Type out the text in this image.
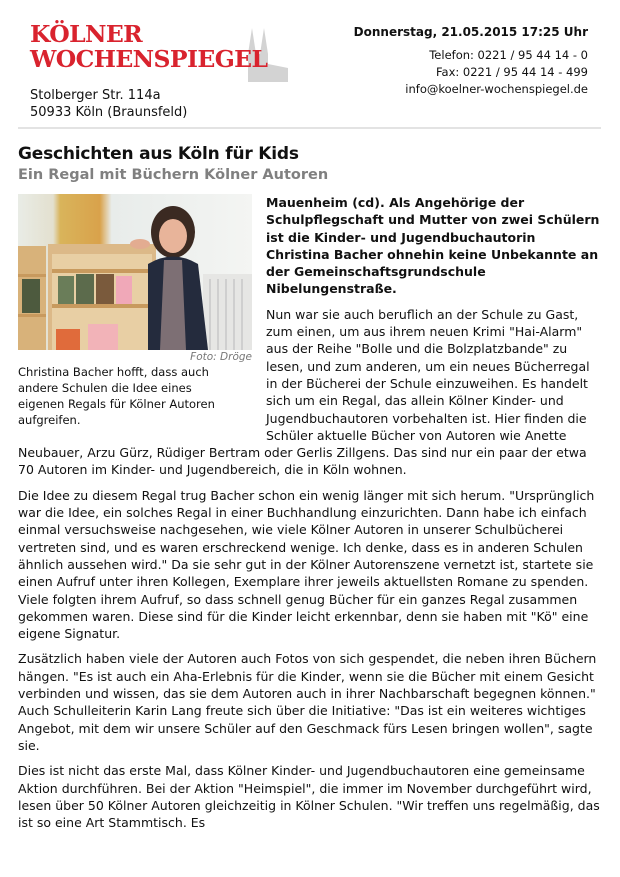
KÖLNER
WOCHENSPIEGEL
Stolberger Str. 114a
50933 Köln (Braunsfeld)
Donnerstag, 21.05.2015 17:25 Uhr
Telefon: 0221 / 95 44 14 - 0
Fax: 0221 / 95 44 14 - 499
info@koelner-wochenspiegel.de
Geschichten aus Köln für Kids
Ein Regal mit Büchern Kölner Autoren
Foto: Dröge
Christina Bacher hofft, dass auch andere Schulen die Idee eines eigenen Regals für Kölner Autoren aufgreifen.

Mauenheim (cd). Als Angehörige der Schulpflegschaft und Mutter von zwei Schülern ist die Kinder- und Jugendbuchautorin Christina Bacher ohnehin keine Unbekannte an der Gemeinschaftsgrundschule Nibelungenstraße.

Nun war sie auch beruflich an der Schule zu Gast, zum einen, um aus ihrem neuen Krimi "Hai-Alarm" aus der Reihe "Bolle und die Bolzplatzbande" zu lesen, und zum anderen, um ein neues Bücherregal in der Bücherei der Schule einzuweihen. Es handelt sich um ein Regal, das allein Kölner Kinder- und Jugendbuchautoren vorbehalten ist. Hier finden die Schüler aktuelle Bücher von Autoren wie Anette Neubauer, Arzu Gürz, Rüdiger Bertram oder Gerlis Zillgens. Das sind nur ein paar der etwa 70 Autoren im Kinder- und Jugendbereich, die in Köln wohnen.

Die Idee zu diesem Regal trug Bacher schon ein wenig länger mit sich herum. "Ursprünglich war die Idee, ein solches Regal in einer Buchhandlung einzurichten. Dann habe ich einfach einmal versuchsweise nachgesehen, wie viele Kölner Autoren in unserer Schulbücherei vertreten sind, und es waren erschreckend wenige. Ich denke, dass es in anderen Schulen ähnlich aussehen wird." Da sie sehr gut in der Kölner Autorenszene vernetzt ist, startete sie einen Aufruf unter ihren Kollegen, Exemplare ihrer jeweils aktuellsten Romane zu spenden. Viele folgten ihrem Aufruf, so dass schnell genug Bücher für ein ganzes Regal zusammen gekommen waren. Diese sind für die Kinder leicht erkennbar, denn sie haben mit "Kö" eine eigene Signatur.

Zusätzlich haben viele der Autoren auch Fotos von sich gespendet, die neben ihren Büchern hängen. "Es ist auch ein Aha-Erlebnis für die Kinder, wenn sie die Bücher mit einem Gesicht verbinden und wissen, das sie dem Autoren auch in ihrer Nachbarschaft begegnen können." Auch Schulleiterin Karin Lang freute sich über die Initiative: "Das ist ein weiteres wichtiges Angebot, mit dem wir unsere Schüler auf den Geschmack fürs Lesen bringen wollen", sagte sie.

Dies ist nicht das erste Mal, dass Kölner Kinder- und Jugendbuchautoren eine gemeinsame Aktion durchführen. Bei der Aktion "Heimspiel", die immer im November durchgeführt wird, lesen über 50 Kölner Autoren gleichzeitig in Kölner Schulen. "Wir treffen uns regelmäßig, das ist so eine Art Stammtisch. Es
